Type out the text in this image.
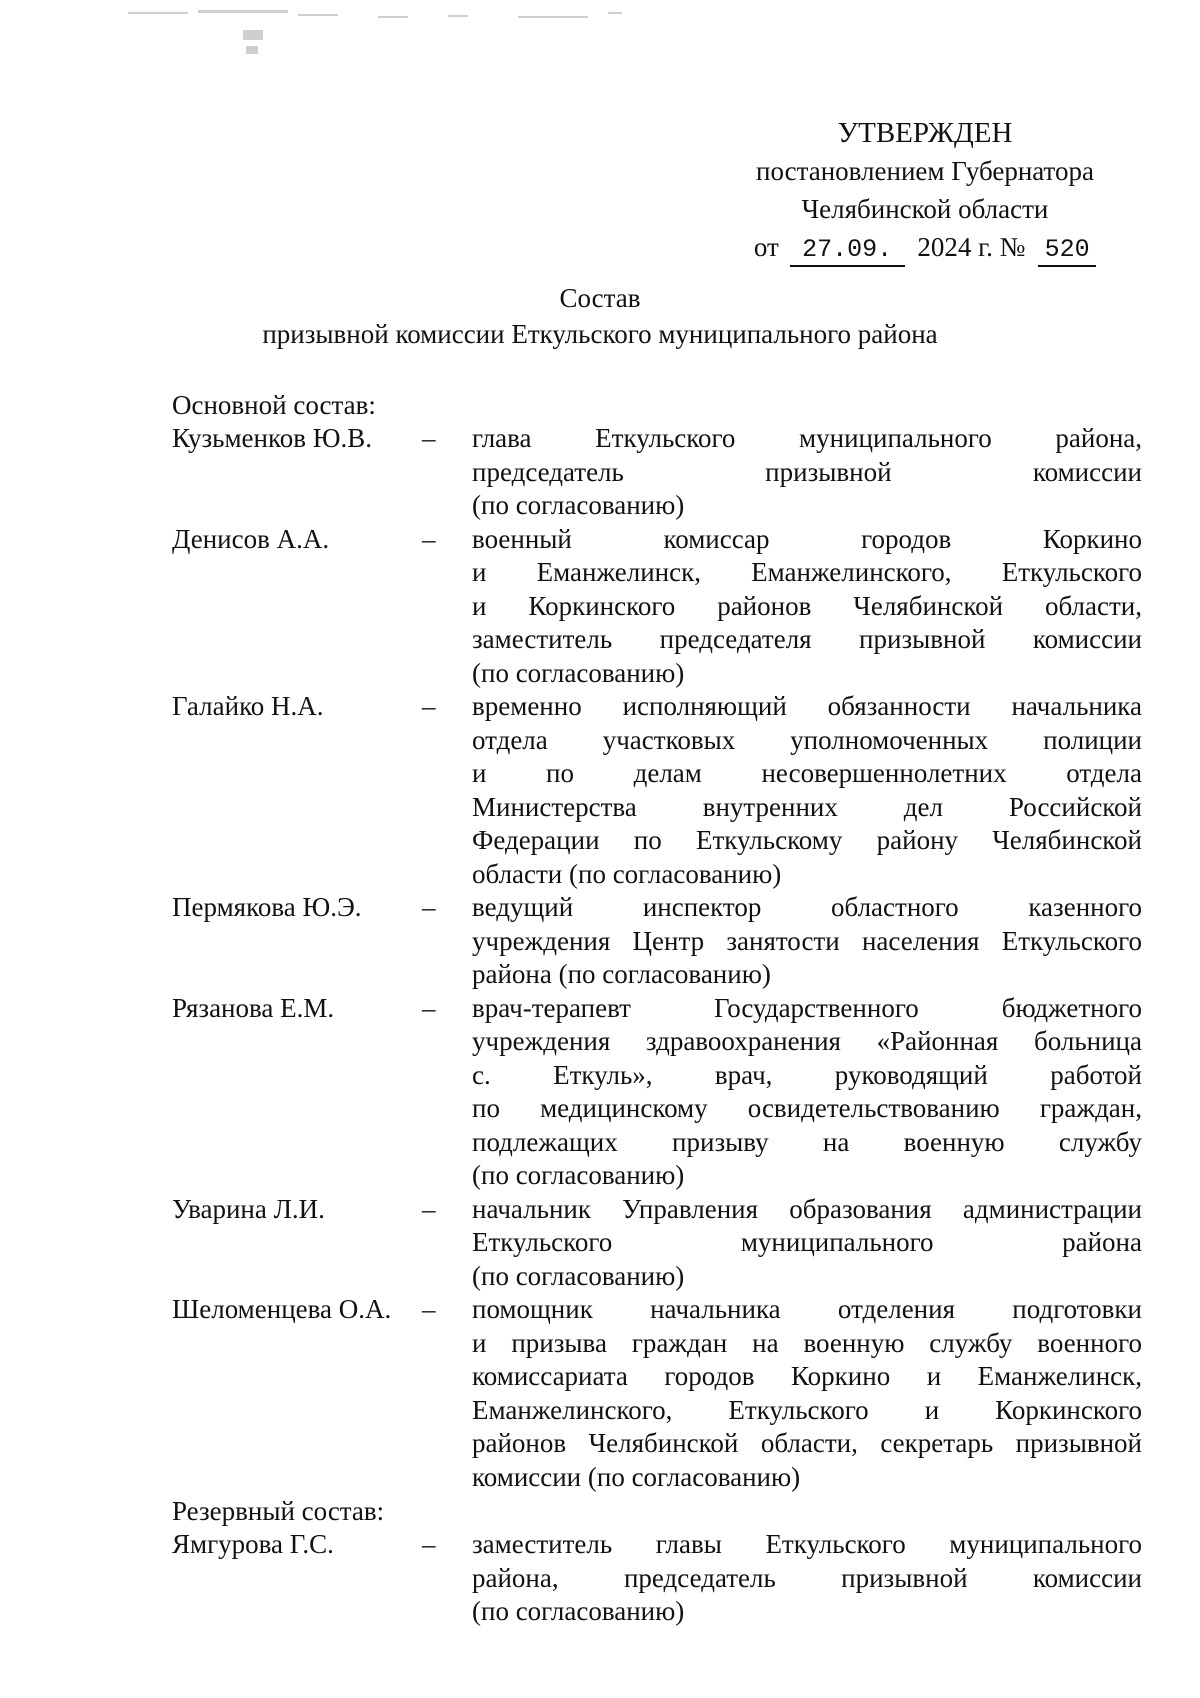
УТВЕРЖДЕН
постановлением Губернатора
Челябинской области
от 27.09. 2024 г. № 520
Состав
призывной комиссии Еткульского муниципального района
Основной состав:
Кузьменков Ю.В.	–	глава Еткульского муниципального района,
председатель призывной комиссии
(по согласованию)
Денисов А.А.	–	военный комиссар городов Коркино
и Еманжелинск, Еманжелинского, Еткульского
и Коркинского районов Челябинской области,
заместитель председателя призывной комиссии
(по согласованию)
Галайко Н.А.	–	временно исполняющий обязанности начальника
отдела участковых уполномоченных полиции
и по делам несовершеннолетних отдела
Министерства внутренних дел Российской
Федерации по Еткульскому району Челябинской
области (по согласованию)
Пермякова Ю.Э.	–	ведущий инспектор областного казенного
учреждения Центр занятости населения Еткульского
района (по согласованию)
Рязанова Е.М.	–	врач-терапевт Государственного бюджетного
учреждения здравоохранения «Районная больница
с. Еткуль», врач, руководящий работой
по медицинскому освидетельствованию граждан,
подлежащих призыву на военную службу
(по согласованию)
Уварина Л.И.	–	начальник Управления образования администрации
Еткульского муниципального района
(по согласованию)
Шеломенцева О.А.	–	помощник начальника отделения подготовки
и призыва граждан на военную службу военного
комиссариата городов Коркино и Еманжелинск,
Еманжелинского, Еткульского и Коркинского
районов Челябинской области, секретарь призывной
комиссии (по согласованию)
Резервный состав:
Ямгурова Г.С.	–	заместитель главы Еткульского муниципального
района, председатель призывной комиссии
(по согласованию)
